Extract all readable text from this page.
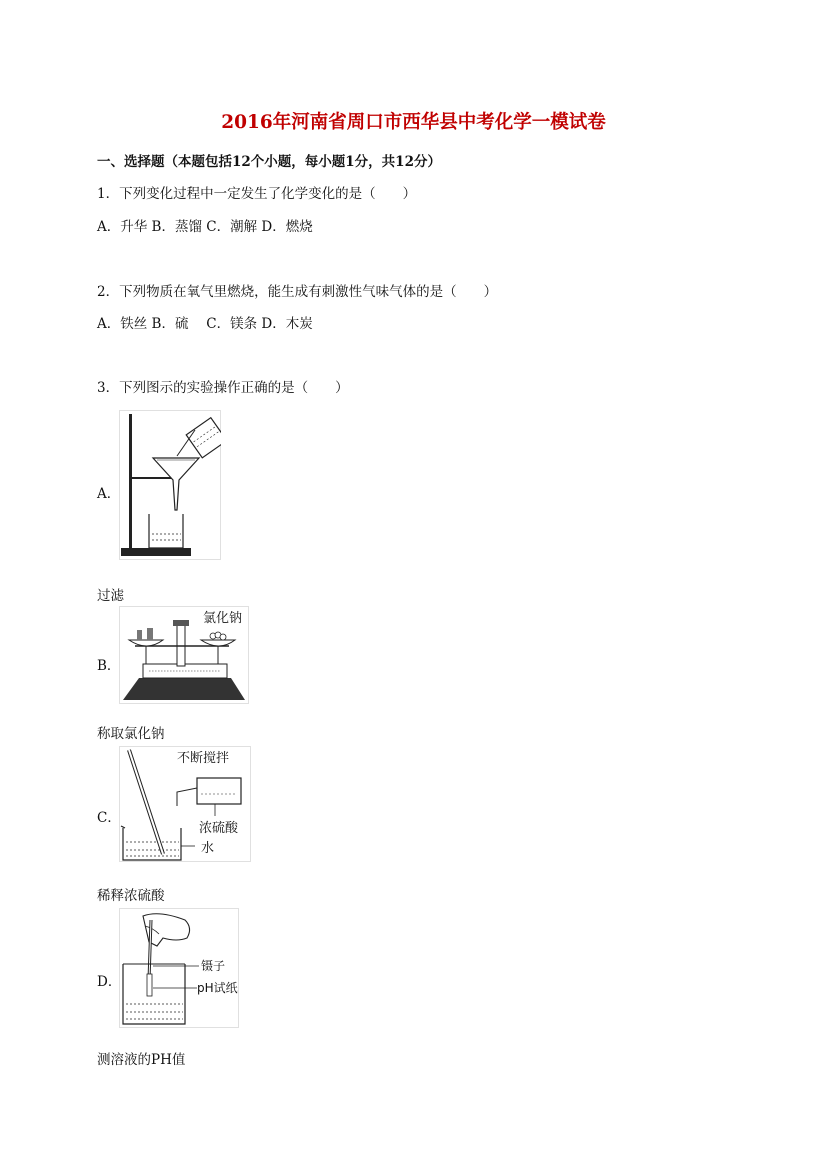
2016年河南省周口市西华县中考化学一模试卷
一、选择题（本题包括12个小题，每小题1分，共12分）
1．下列变化过程中一定发生了化学变化的是（　　）
A．升华 B．蒸馏 C．潮解 D．燃烧
2．下列物质在氧气里燃烧，能生成有刺激性气味气体的是（　　）
A．铁丝 B．硫　 C．镁条 D．木炭
3．下列图示的实验操作正确的是（　　）
A．
过滤
B．
氯化钠
称取氯化钠
C．
不断搅拌
浓硫酸
水
稀释浓硫酸
D．
镊子
pH试纸
测溶液的PH值
